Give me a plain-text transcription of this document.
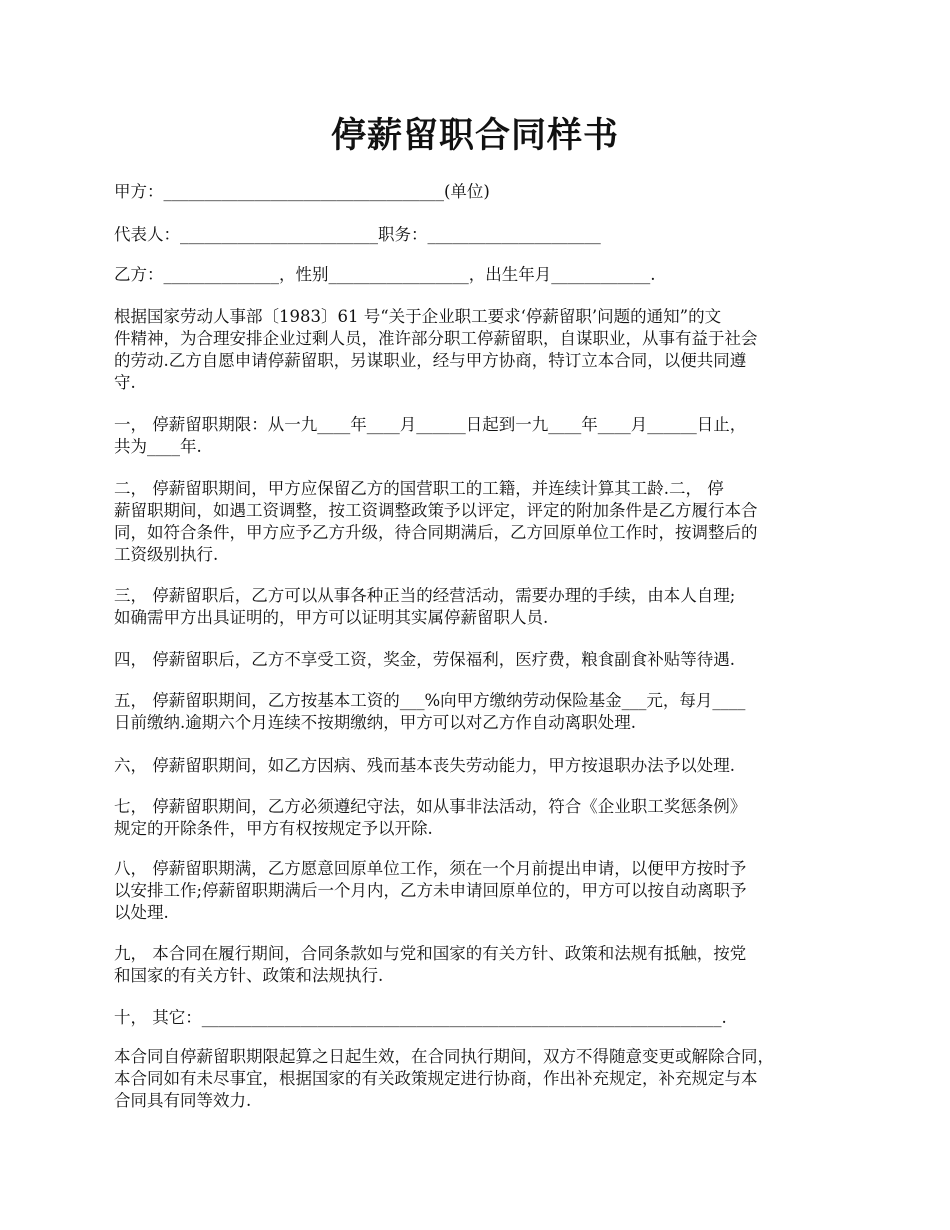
停薪留职合同样书

甲方：__________________________________(单位)

代表人：________________________职务：_____________________

乙方：______________，性别_________________，出生年月____________.

根据国家劳动人事部〔1983〕61 号“关于企业职工要求‘停薪留职’问题的通知”的文
件精神，为合理安排企业过剩人员，准许部分职工停薪留职，自谋职业，从事有益于社会
的劳动.乙方自愿申请停薪留职，另谋职业，经与甲方协商，特订立本合同，以便共同遵
守.

一， 停薪留职期限：从一九____年____月______日起到一九____年____月______日止，
共为____年.

二， 停薪留职期间，甲方应保留乙方的国营职工的工籍，并连续计算其工龄.二， 停
薪留职期间，如遇工资调整，按工资调整政策予以评定，评定的附加条件是乙方履行本合
同，如符合条件，甲方应予乙方升级，待合同期满后，乙方回原单位工作时，按调整后的
工资级别执行.

三， 停薪留职后，乙方可以从事各种正当的经营活动，需要办理的手续，由本人自理;
如确需甲方出具证明的，甲方可以证明其实属停薪留职人员.

四， 停薪留职后，乙方不享受工资，奖金，劳保福利，医疗费，粮食副食补贴等待遇.

五， 停薪留职期间，乙方按基本工资的___%向甲方缴纳劳动保险基金___元，每月____
日前缴纳.逾期六个月连续不按期缴纳，甲方可以对乙方作自动离职处理.

六， 停薪留职期间，如乙方因病、残而基本丧失劳动能力，甲方按退职办法予以处理.

七， 停薪留职期间，乙方必须遵纪守法，如从事非法活动，符合《企业职工奖惩条例》
规定的开除条件，甲方有权按规定予以开除.

八， 停薪留职期满，乙方愿意回原单位工作，须在一个月前提出申请，以便甲方按时予
以安排工作;停薪留职期满后一个月内，乙方未申请回原单位的，甲方可以按自动离职予
以处理.

九， 本合同在履行期间，合同条款如与党和国家的有关方针、政策和法规有抵触，按党
和国家的有关方针、政策和法规执行.

十， 其它：_______________________________________________________________.

本合同自停薪留职期限起算之日起生效，在合同执行期间，双方不得随意变更或解除合同，
本合同如有未尽事宜，根据国家的有关政策规定进行协商，作出补充规定，补充规定与本
合同具有同等效力.
